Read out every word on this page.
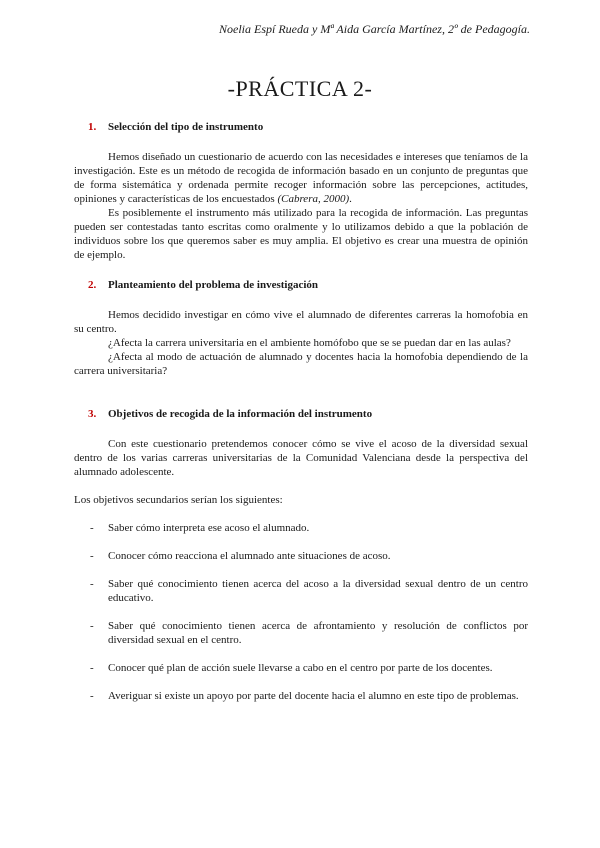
Noelia Espí Rueda y Mª Aida García Martínez, 2º de Pedagogía.
-PRÁCTICA 2-
1.	Selección del tipo de instrumento

Hemos diseñado un cuestionario de acuerdo con las necesidades e intereses que teníamos de la investigación. Este es un método de recogida de información basado en un conjunto de preguntas que de forma sistemática y ordenada permite recoger información sobre las percepciones, actitudes, opiniones y características de los encuestados (Cabrera, 2000).

Es posiblemente el instrumento más utilizado para la recogida de información. Las preguntas pueden ser contestadas tanto escritas como oralmente y lo utilizamos debido a que la población de individuos sobre los que queremos saber es muy amplia. El objetivo es crear una muestra de opinión de ejemplo.

2.	Planteamiento del problema de investigación

Hemos decidido investigar en cómo vive el alumnado de diferentes carreras la homofobia en su centro.

¿Afecta la carrera universitaria en el ambiente homófobo que se se puedan dar en las aulas?

¿Afecta al modo de actuación de alumnado y docentes hacia la homofobia dependiendo de la carrera universitaria?

3.	Objetivos de recogida de la información del instrumento

Con este cuestionario pretendemos conocer cómo se vive el acoso de la diversidad sexual dentro de los varias carreras universitarias de la Comunidad Valenciana desde la perspectiva del alumnado adolescente.

Los objetivos secundarios serían los siguientes:

-	Saber cómo interpreta ese acoso el alumnado.
-	Conocer cómo reacciona el alumnado ante situaciones de acoso.
-	Saber qué conocimiento tienen acerca del acoso a la diversidad sexual dentro de un centro educativo.
-	Saber qué conocimiento tienen acerca de afrontamiento y resolución de conflictos por diversidad sexual en el centro.
-	Conocer qué plan de acción suele llevarse a cabo en el centro por parte de los docentes.
-	Averiguar si existe un apoyo por parte del docente hacia el alumno en este tipo de problemas.
